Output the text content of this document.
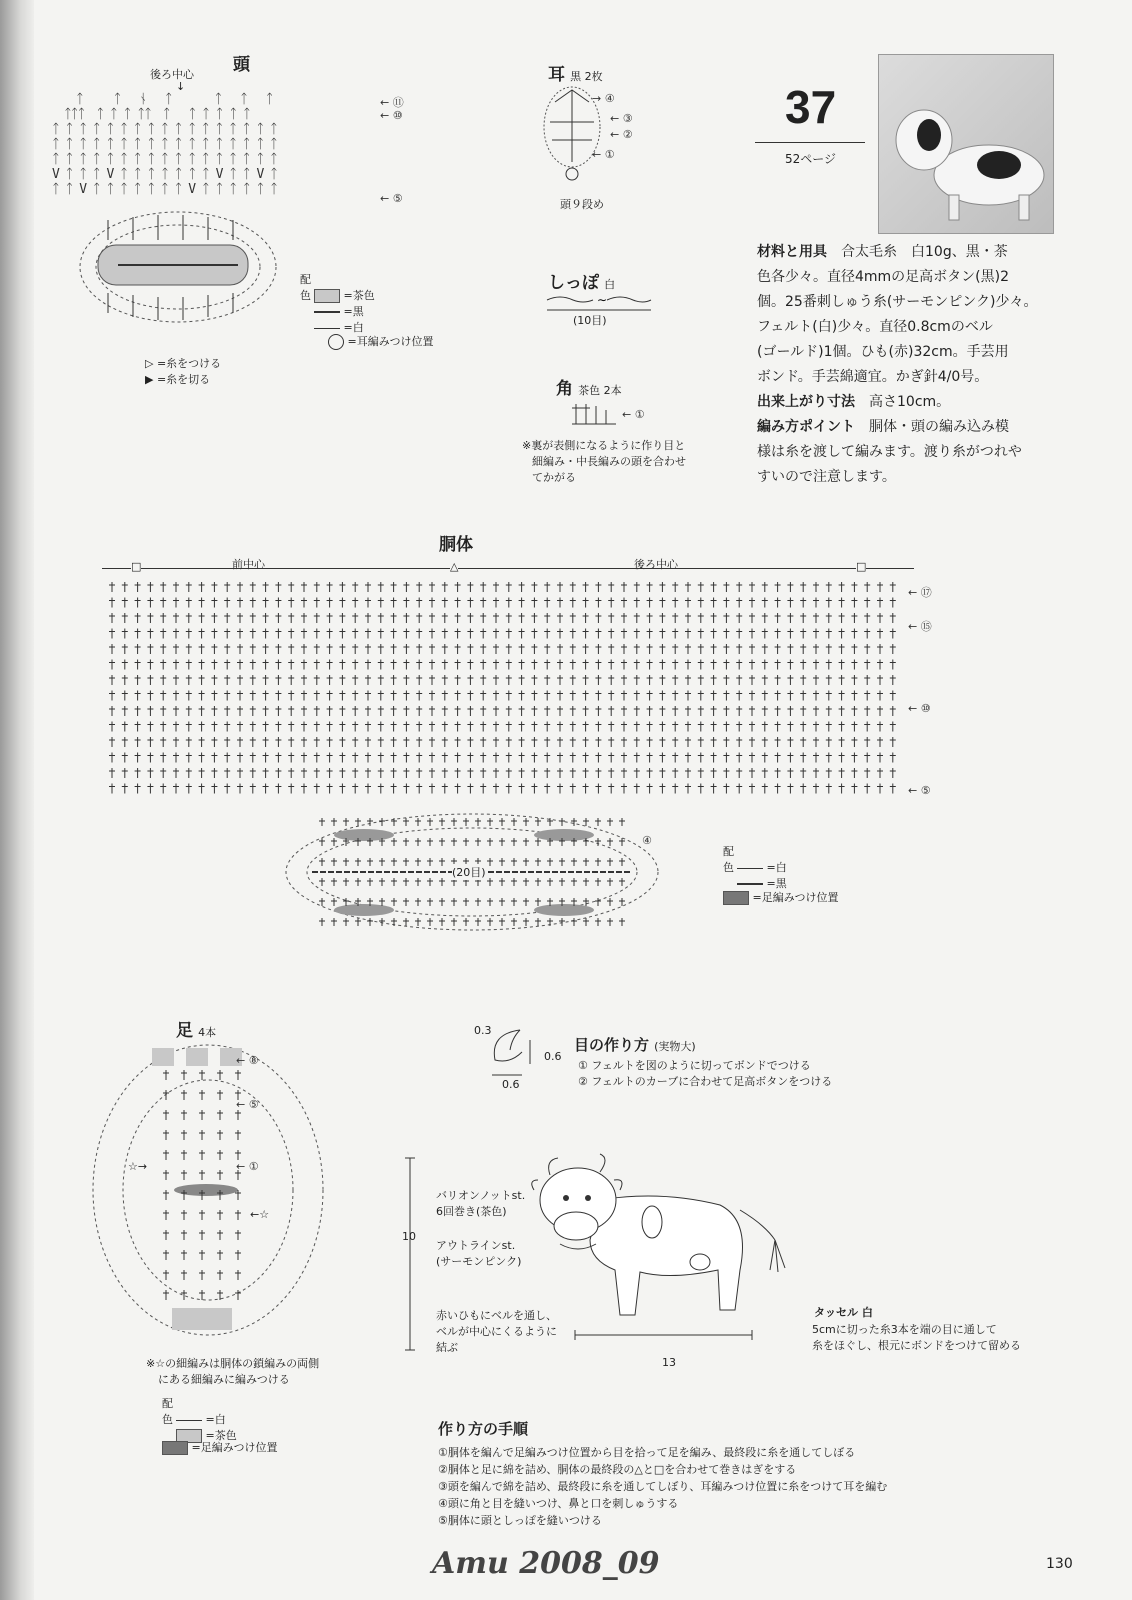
頭
後ろ中心
↓
　　ᛏ　　 ᛏ　 ᚾ　 ᛏ　　　 ᛏ　 ᛏ　 ᛏ
　ᛏᛏᛏ　ᛏ ᛏ ᛏ ᛏᛏ　ᛏ　 ᛏ ᛏ ᛏ ᛏ ᛏ
ᛏ ᛏ ᛏ ᛏ ᛏ ᛏ ᛏ ᛏ ᛏ ᛏ ᛏ ᛏ ᛏ ᛏ ᛏ ᛏ ᛏ
ᛏ ᛏ ᛏ ᛏ ᛏ ᛏ ᛏ ᛏ ᛏ ᛏ ᛏ ᛏ ᛏ ᛏ ᛏ ᛏ ᛏ
ᛏ ᛏ ᛏ ᛏ ᛏ ᛏ ᛏ ᛏ ᛏ ᛏ ᛏ ᛏ ᛏ ᛏ ᛏ ᛏ ᛏ
V ᛏ ᛏ ᛏ V ᛏ ᛏ ᛏ ᛏ ᛏ ᛏ ᛏ V ᛏ ᛏ V ᛏ
ᛏ ᛏ V ᛏ ᛏ ᛏ ᛏ ᛏ ᛏ ᛏ V ᛏ ᛏ ᛏ ᛏ ᛏ ᛏ
← ⑪
← ⑩
← ⑤
配色	=茶色
=黒
=白
=耳編みつけ位置
▷ =糸をつける
▶ =糸を切る
耳 黒 2枚
→ ④
← ③
← ②
← ①
頭９段め
しっぽ 白
∼
(10目)
角 茶色 2本
← ①
※裏が表側になるように作り目と
細編み・中長編みの頭を合わせ
てかがる
37
52ページ
材料と用具　合太毛糸　白10g、黒・茶
色各少々。直径4mmの足高ボタン(黒)2
個。25番刺しゅう糸(サーモンピンク)少々。
フェルト(白)少々。直径0.8cmのベル
(ゴールド)1個。ひも(赤)32cm。手芸用
ボンド。手芸綿適宜。かぎ針4/0号。
出来上がり寸法　高さ10cm。
編み方ポイント　胴体・頭の編み込み模
様は糸を渡して編みます。渡り糸がつれや
すいので注意します。
胴体
前中心	後ろ中心
□	△	□
← ⑰
← ⑮
← ⑩
← ⑤
(20目)
④
配色	=白
=黒
=足編みつけ位置
足 4本
← ⑧
← ⑤
← ①
☆→
←☆
※☆の細編みは胴体の鎖編みの両側
にある細編みに編みつける
配色	=白
=茶色
=足編みつけ位置
0.3
0.6
0.6
目の作り方 (実物大)
① フェルトを図のように切ってボンドでつける
② フェルトのカーブに合わせて足高ボタンをつける
10
13
バリオンノットst.
6回巻き(茶色)
アウトラインst.
(サーモンピンク)
赤いひもにベルを通し、
ベルが中心にくるように
結ぶ
タッセル 白
5cmに切った糸3本を端の目に通して
糸をほぐし、根元にボンドをつけて留める
作り方の手順
①胴体を編んで足編みつけ位置から目を拾って足を編み、最終段に糸を通してしぼる
②胴体と足に綿を詰め、胴体の最終段の△と□を合わせて巻きはぎをする
③頭を編んで綿を詰め、最終段に糸を通してしぼり、耳編みつけ位置に糸をつけて耳を編む
④頭に角と目を縫いつけ、鼻と口を刺しゅうする
⑤胴体に頭としっぽを縫いつける
Amu 2008_09	130
